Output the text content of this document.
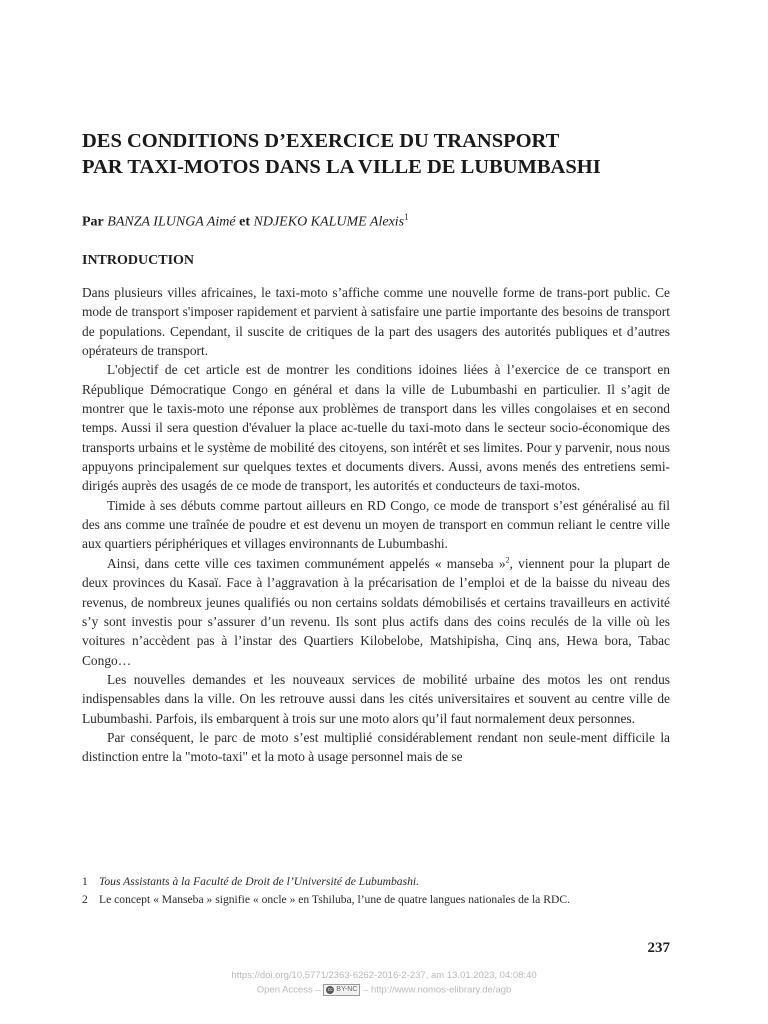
DES CONDITIONS D’EXERCICE DU TRANSPORT
PAR TAXI-MOTOS DANS LA VILLE DE LUBUMBASHI

Par BANZA ILUNGA Aimé et NDJEKO KALUME Alexis$^1$

INTRODUCTION

Dans plusieurs villes africaines, le taxi-moto s’affiche comme une nouvelle forme de trans-port public. Ce mode de transport s'imposer rapidement et parvient à satisfaire une partie importante des besoins de transport de populations. Cependant, il suscite de critiques de la part des usagers des autorités publiques et d’autres opérateurs de transport.

L'objectif de cet article est de montrer les conditions idoines liées à l’exercice de ce transport en République Démocratique Congo en général et dans la ville de Lubumbashi en particulier. Il s’agit de montrer que le taxis-moto une réponse aux problèmes de transport dans les villes congolaises et en second temps. Aussi il sera question d'évaluer la place ac-tuelle du taxi-moto dans le secteur socio-économique des transports urbains et le système de mobilité des citoyens, son intérêt et ses limites. Pour y parvenir, nous nous appuyons principalement sur quelques textes et documents divers. Aussi, avons menés des entretiens semi- dirigés auprès des usagés de ce mode de transport, les autorités et conducteurs de taxi-motos.

Timide à ses débuts comme partout ailleurs en RD Congo, ce mode de transport s’est généralisé au fil des ans comme une traînée de poudre et est devenu un moyen de transport en commun reliant le centre ville aux quartiers périphériques et villages environnants de Lubumbashi.

Ainsi, dans cette ville ces taximen communément appelés « manseba »$^2$, viennent pour la plupart de deux provinces du Kasaï. Face à l’aggravation à la précarisation de l’emploi et de la baisse du niveau des revenus, de nombreux jeunes qualifiés ou non certains soldats démobilisés et certains travailleurs en activité s’y sont investis pour s’assurer d’un revenu. Ils sont plus actifs dans des coins reculés de la ville où les voitures n’accèdent pas à l’instar des Quartiers Kilobelobe, Matshipisha, Cinq ans, Hewa bora, Tabac Congo…

Les nouvelles demandes et les nouveaux services de mobilité urbaine des motos les ont rendus indispensables dans la ville. On les retrouve aussi dans les cités universitaires et souvent au centre ville de Lubumbashi. Parfois, ils embarquent à trois sur une moto alors qu’il faut normalement deux personnes.

Par conséquent, le parc de moto s’est multiplié considérablement rendant non seule-ment difficile la distinction entre la "moto-taxi" et la moto à usage personnel mais de se

1 Tous Assistants à la Faculté de Droit de l’Université de Lubumbashi.
2 Le concept « Manseba » signifie « oncle » en Tshiluba, l’une de quatre langues nationales de la RDC.

237

https://doi.org/10.5771/2363-6262-2016-2-237, am 13.01.2023, 04:08:40
Open Access – cc BY-NC – http://www.nomos-elibrary.de/agb
